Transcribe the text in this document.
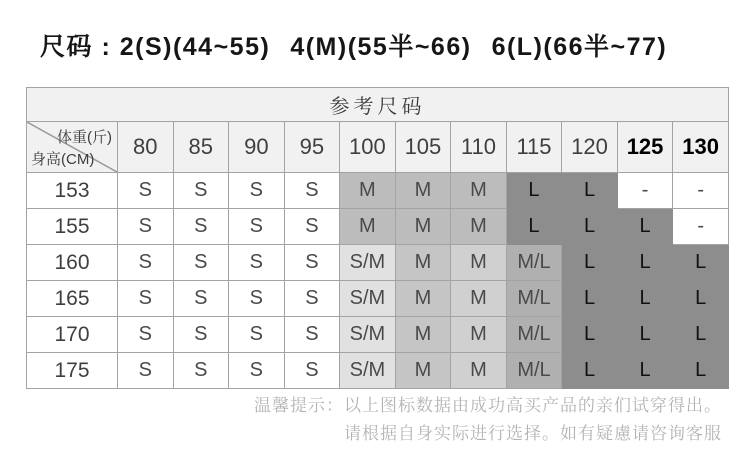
尺码 : 2(S)(44~55) 4(M)(55半~66) 6(L)(66半~77)
参考尺码											

体重(斤)
身高(CM)	80	85	90	95	100	105	110	115	120	125	130
153	S	S	S	S	M	M	M	L	L	-	-
155	S	S	S	S	M	M	M	L	L	L	-
160	S	S	S	S	S/M	M	M	M/L	L	L	L
165	S	S	S	S	S/M	M	M	M/L	L	L	L
170	S	S	S	S	S/M	M	M	M/L	L	L	L
175	S	S	S	S	S/M	M	M	M/L	L	L	L
温馨提示：以上图标数据由成功高买产品的亲们试穿得出。
请根据自身实际进行选择。如有疑慮请咨询客服
